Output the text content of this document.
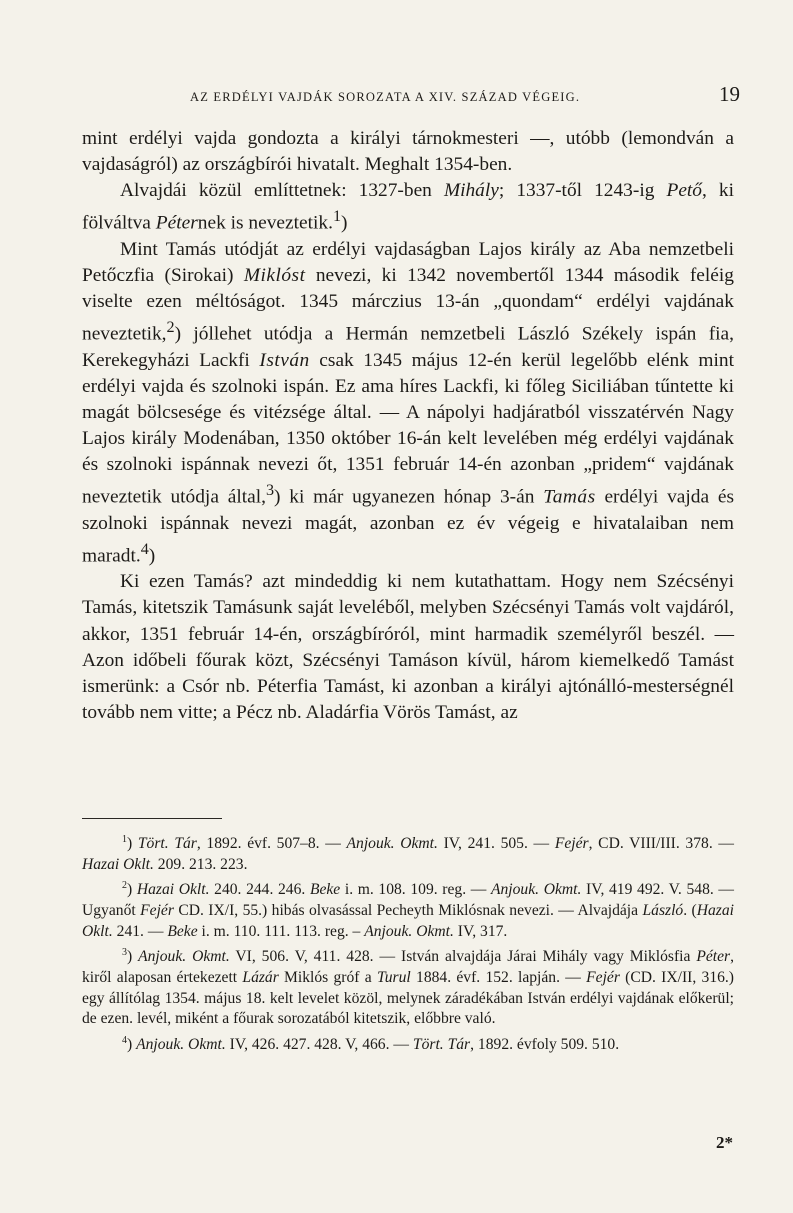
AZ ERDÉLYI VAJDÁK SOROZATA A XIV. SZÁZAD VÉGEIG.	19

mint erdélyi vajda gondozta a királyi tárnokmesteri —, utóbb (lemondván a vajdaságról) az országbírói hivatalt. Meghalt 1354-ben.

Alvajdái közül említtetnek: 1327-ben Mihály; 1337-től 1243-ig Pető, ki fölváltva Péternek is neveztetik.$^1$)

Mint Tamás utódját az erdélyi vajdaságban Lajos király az Aba nemzetbeli Petőczfia (Sirokai) Miklóst nevezi, ki 1342 novembertől 1344 második feléig viselte ezen méltóságot. 1345 márczius 13-án „quondam“ erdélyi vajdának neveztetik,$^2$) jóllehet utódja a Hermán nemzetbeli László Székely ispán fia, Kerekegyházi Lackfi István csak 1345 május 12-én kerül legelőbb elénk mint erdélyi vajda és szolnoki ispán. Ez ama híres Lackfi, ki főleg Siciliában tűntette ki magát bölcsesége és vitézsége által. — A nápolyi hadjáratból visszatérvén Nagy Lajos király Modenában, 1350 október 16-án kelt levelében még erdélyi vajdának és szolnoki ispánnak nevezi őt, 1351 február 14-én azonban „pridem“ vajdának neveztetik utódja által,$^3$) ki már ugyanezen hónap 3-án Tamás erdélyi vajda és szolnoki ispánnak nevezi magát, azonban ez év végeig e hivatalaiban nem maradt.$^4$)

Ki ezen Tamás? azt mindeddig ki nem kutathattam. Hogy nem Szécsényi Tamás, kitetszik Tamásunk saját leveléből, melyben Szécsényi Tamás volt vajdáról, akkor, 1351 február 14-én, országbíróról, mint harmadik személyről beszél. — Azon időbeli főurak közt, Szécsényi Tamáson kívül, három kiemelkedő Tamást ismerünk: a Csór nb. Péterfia Tamást, ki azonban a királyi ajtónálló-mesterségnél tovább nem vitte; a Pécz nb. Aladárfia Vörös Tamást, az

$^1$) Tört. Tár, 1892. évf. 507–8. — Anjouk. Okmt. IV, 241. 505. — Fejér, CD. VIII/III. 378. — Hazai Oklt. 209. 213. 223.

$^2$) Hazai Oklt. 240. 244. 246. Beke i. m. 108. 109. reg. — Anjouk. Okmt. IV, 419 492. V. 548. — Ugyanőt Fejér CD. IX/I, 55.) hibás olvasással Pecheyth Miklósnak nevezi. — Alvajdája László. (Hazai Oklt. 241. — Beke i. m. 110. 111. 113. reg. – Anjouk. Okmt. IV, 317.

$^3$) Anjouk. Okmt. VI, 506. V, 411. 428. — István alvajdája Járai Mihály vagy Miklósfia Péter, kiről alaposan értekezett Lázár Miklós gróf a Turul 1884. évf. 152. lapján. — Fejér (CD. IX/II, 316.) egy állítólag 1354. május 18. kelt levelet közöl, melynek záradékában István erdélyi vajdának előkerül; de ezen. levél, miként a főurak sorozatából kitetszik, előbbre való.

$^4$) Anjouk. Okmt. IV, 426. 427. 428. V, 466. — Tört. Tár, 1892. évfoly 509. 510.

2*
